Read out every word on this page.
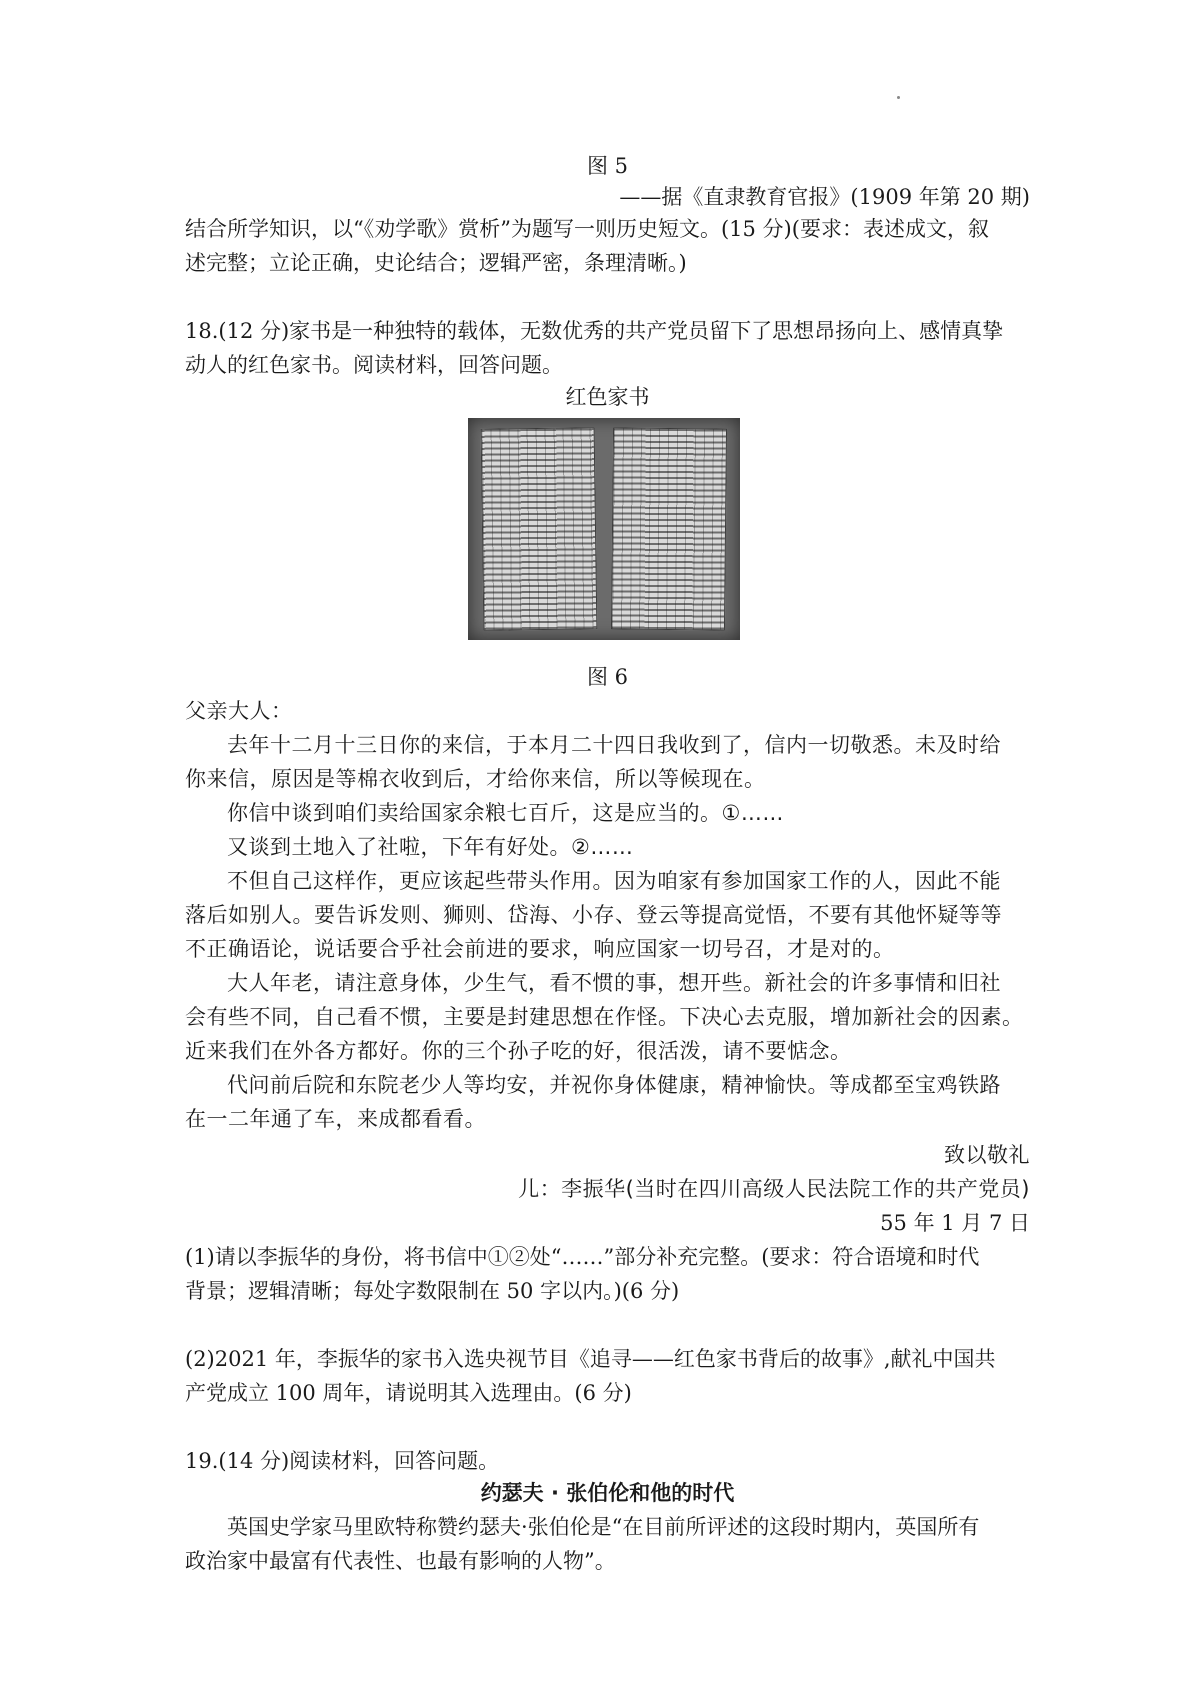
图 5
——据《直隶教育官报》(1909 年第 20 期)
结合所学知识，以“《劝学歌》赏析”为题写一则历史短文。(15 分)(要求：表述成文，叙
述完整；立论正确，史论结合；逻辑严密，条理清晰。)
18.(12 分)家书是一种独特的载体，无数优秀的共产党员留下了思想昂扬向上、感情真挚
动人的红色家书。阅读材料，回答问题。
红色家书
图 6
父亲大人：
去年十二月十三日你的来信，于本月二十四日我收到了，信内一切敬悉。未及时给
你来信，原因是等棉衣收到后，才给你来信，所以等候现在。
你信中谈到咱们卖给国家余粮七百斤，这是应当的。①……
又谈到土地入了社啦，下年有好处。②……
不但自己这样作，更应该起些带头作用。因为咱家有参加国家工作的人，因此不能
落后如别人。要告诉发则、狮则、岱海、小存、登云等提高觉悟，不要有其他怀疑等等
不正确语论，说话要合乎社会前进的要求，响应国家一切号召，才是对的。
大人年老，请注意身体，少生气，看不惯的事，想开些。新社会的许多事情和旧社
会有些不同，自己看不惯，主要是封建思想在作怪。下决心去克服，增加新社会的因素。
近来我们在外各方都好。你的三个孙子吃的好，很活泼，请不要惦念。
代问前后院和东院老少人等均安，并祝你身体健康，精神愉快。等成都至宝鸡铁路
在一二年通了车，来成都看看。
致以敬礼
儿：李振华(当时在四川高级人民法院工作的共产党员)
55 年 1 月 7 日
(1)请以李振华的身份，将书信中①②处“……”部分补充完整。(要求：符合语境和时代
背景；逻辑清晰；每处字数限制在 50 字以内。)(6 分)
(2)2021 年，李振华的家书入选央视节目《追寻——红色家书背后的故事》,献礼中国共
产党成立 100 周年，请说明其入选理由。(6 分)
19.(14 分)阅读材料，回答问题。
约瑟夫 · 张伯伦和他的时代
英国史学家马里欧特称赞约瑟夫·张伯伦是“在目前所评述的这段时期内，英国所有
政治家中最富有代表性、也最有影响的人物”。
